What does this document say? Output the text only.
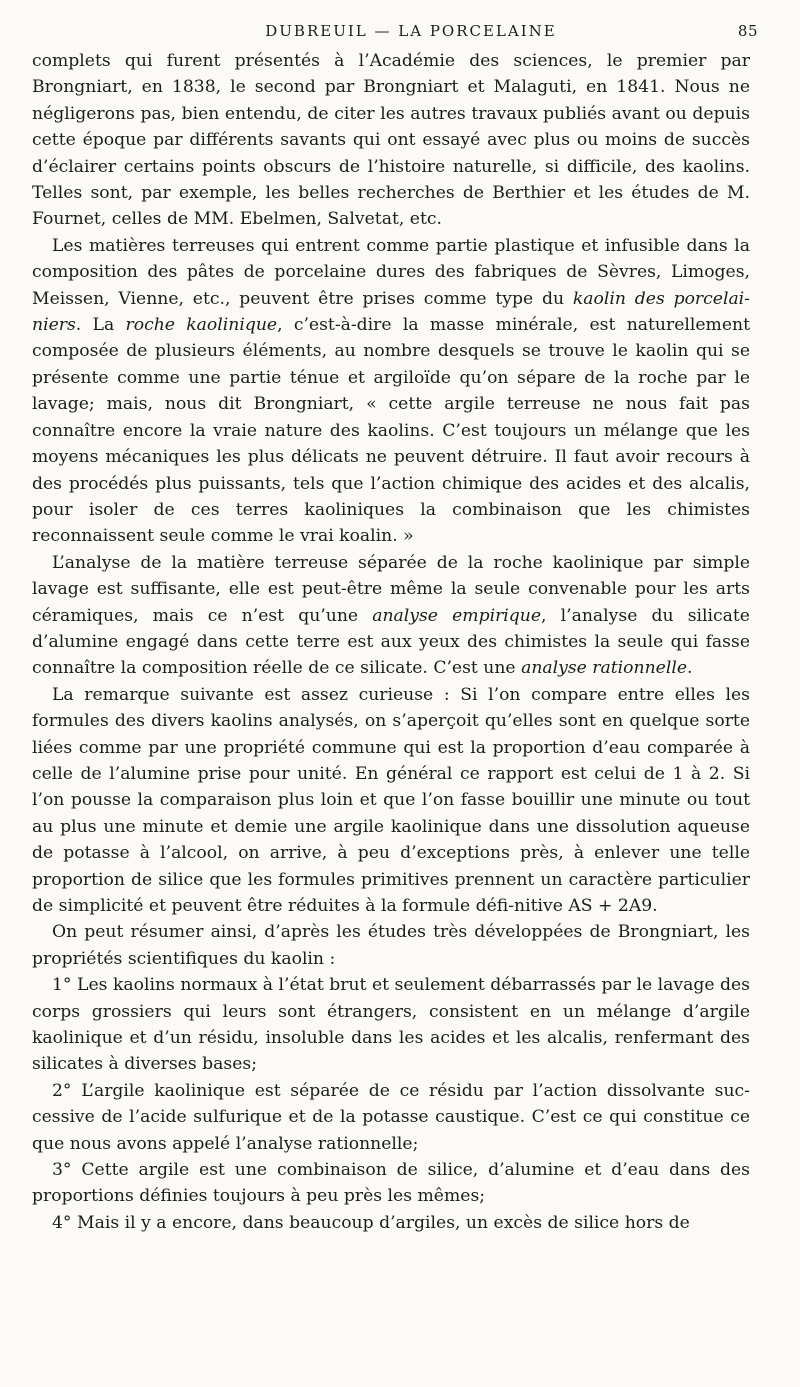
DUBREUIL — LA PORCELAINE	85

complets qui furent présentés à l’Académie des sciences, le premier par Brongniart, en 1838, le second par Brongniart et Malaguti, en 1841. Nous ne négligerons pas, bien entendu, de citer les autres travaux publiés avant ou depuis cette époque par différents savants qui ont essayé avec plus ou moins de succès d’éclairer certains points obscurs de l’histoire naturelle, si difficile, des kaolins. Telles sont, par exemple, les belles recherches de Berthier et les études de M. Fournet, celles de MM. Ebelmen, Salvetat, etc.

Les matières terreuses qui entrent comme partie plastique et infusible dans la composition des pâtes de porcelaine dures des fabriques de Sèvres, Limoges, Meissen, Vienne, etc., peuvent être prises comme type du kaolin des porcelai-niers. La roche kaolinique, c’est-à-dire la masse minérale, est naturellement composée de plusieurs éléments, au nombre desquels se trouve le kaolin qui se présente comme une partie ténue et argiloïde qu’on sépare de la roche par le lavage; mais, nous dit Brongniart, « cette argile terreuse ne nous fait pas connaître encore la vraie nature des kaolins. C’est toujours un mélange que les moyens mécaniques les plus délicats ne peuvent détruire. Il faut avoir recours à des procédés plus puissants, tels que l’action chimique des acides et des alcalis, pour isoler de ces terres kaoliniques la combinaison que les chimistes reconnaissent seule comme le vrai koalin. »

L’analyse de la matière terreuse séparée de la roche kaolinique par simple lavage est suffisante, elle est peut-être même la seule convenable pour les arts céramiques, mais ce n’est qu’une analyse empirique, l’analyse du silicate d’alumine engagé dans cette terre est aux yeux des chimistes la seule qui fasse connaître la composition réelle de ce silicate. C’est une analyse rationnelle.

La remarque suivante est assez curieuse : Si l’on compare entre elles les formules des divers kaolins analysés, on s’aperçoit qu’elles sont en quelque sorte liées comme par une propriété commune qui est la proportion d’eau comparée à celle de l’alumine prise pour unité. En général ce rapport est celui de 1 à 2. Si l’on pousse la comparaison plus loin et que l’on fasse bouillir une minute ou tout au plus une minute et demie une argile kaolinique dans une dissolution aqueuse de potasse à l’alcool, on arrive, à peu d’exceptions près, à enlever une telle proportion de silice que les formules primitives prennent un caractère particulier de simplicité et peuvent être réduites à la formule défi-nitive AS + 2A9.

On peut résumer ainsi, d’après les études très développées de Brongniart, les propriétés scientifiques du kaolin :

1° Les kaolins normaux à l’état brut et seulement débarrassés par le lavage des corps grossiers qui leurs sont étrangers, consistent en un mélange d’argile kaolinique et d’un résidu, insoluble dans les acides et les alcalis, renfermant des silicates à diverses bases;

2° L’argile kaolinique est séparée de ce résidu par l’action dissolvante suc-cessive de l’acide sulfurique et de la potasse caustique. C’est ce qui constitue ce que nous avons appelé l’analyse rationnelle;

3° Cette argile est une combinaison de silice, d’alumine et d’eau dans des proportions définies toujours à peu près les mêmes;

4° Mais il y a encore, dans beaucoup d’argiles, un excès de silice hors de
